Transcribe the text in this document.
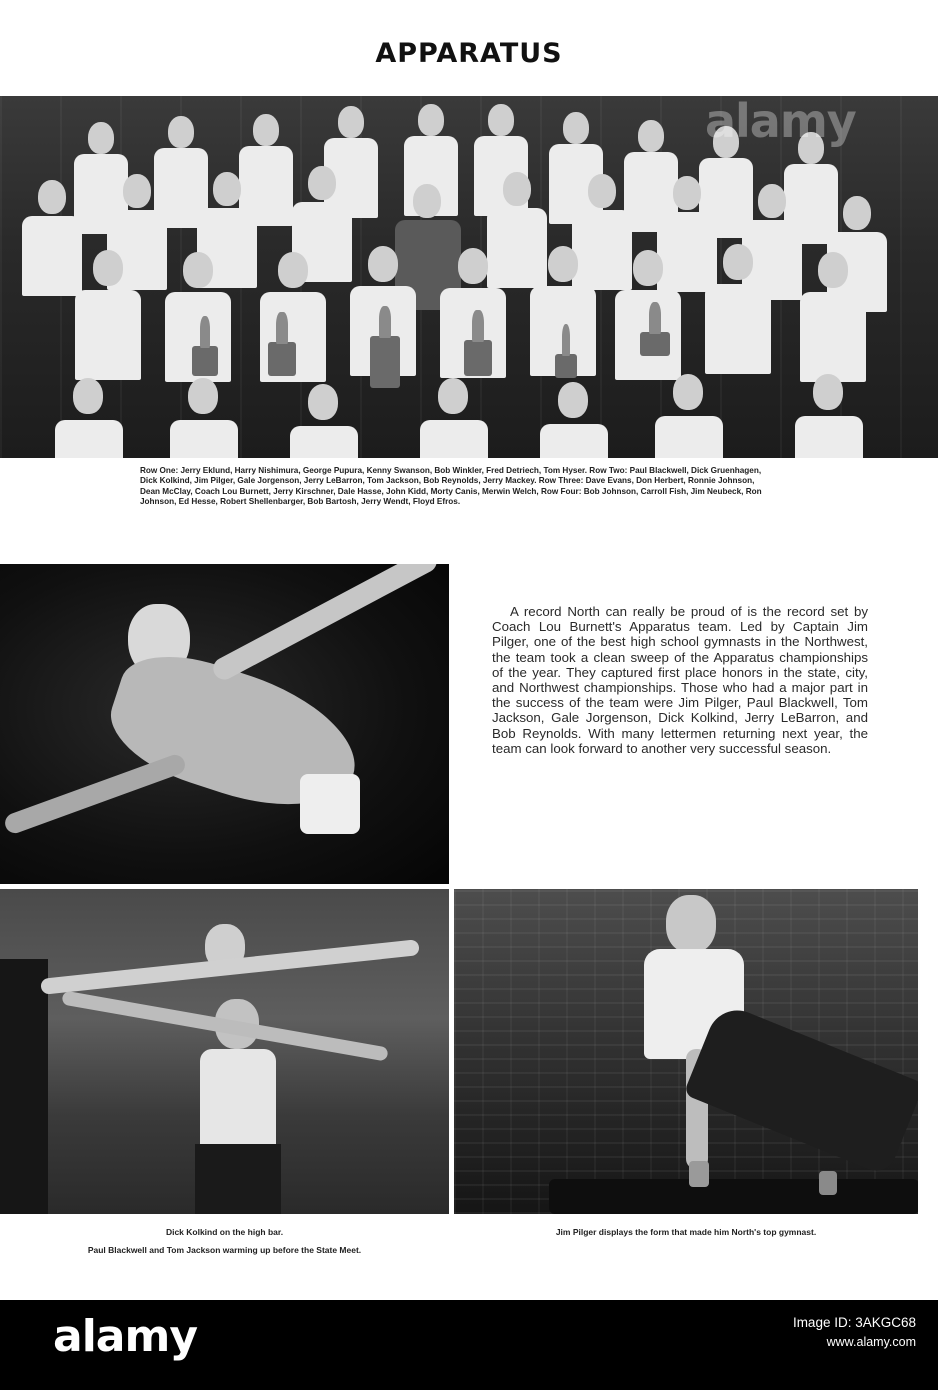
APPARATUS
alamy
Row One: Jerry Eklund, Harry Nishimura, George Pupura, Kenny Swanson, Bob Winkler, Fred Detriech, Tom Hyser. Row Two: Paul Blackwell, Dick Gruenhagen, Dick Kolkind, Jim Pilger, Gale Jorgenson, Jerry LeBarron, Tom Jackson, Bob Reynolds, Jerry Mackey. Row Three: Dave Evans, Don Herbert, Ronnie Johnson, Dean McClay, Coach Lou Burnett, Jerry Kirschner, Dale Hasse, John Kidd, Morty Canis, Merwin Welch, Row Four: Bob Johnson, Carroll Fish, Jim Neubeck, Ron Johnson, Ed Hesse, Robert Shellenbarger, Bob Bartosh, Jerry Wendt, Floyd Efros.
A record North can really be proud of is the record set by Coach Lou Burnett's Apparatus team. Led by Captain Jim Pilger, one of the best high school gymnasts in the Northwest, the team took a clean sweep of the Apparatus championships of the year. They captured first place honors in the state, city, and Northwest championships. Those who had a major part in the success of the team were Jim Pilger, Paul Blackwell, Tom Jackson, Gale Jorgenson, Dick Kolkind, Jerry LeBarron, and Bob Reynolds. With many lettermen returning next year, the team can look forward to another very successful season.
Dick Kolkind on the high bar.
Paul Blackwell and Tom Jackson warming up before the State Meet.
Jim Pilger displays the form that made him North's top gymnast.
alamy	Image ID: 3AKGC68
www.alamy.com
